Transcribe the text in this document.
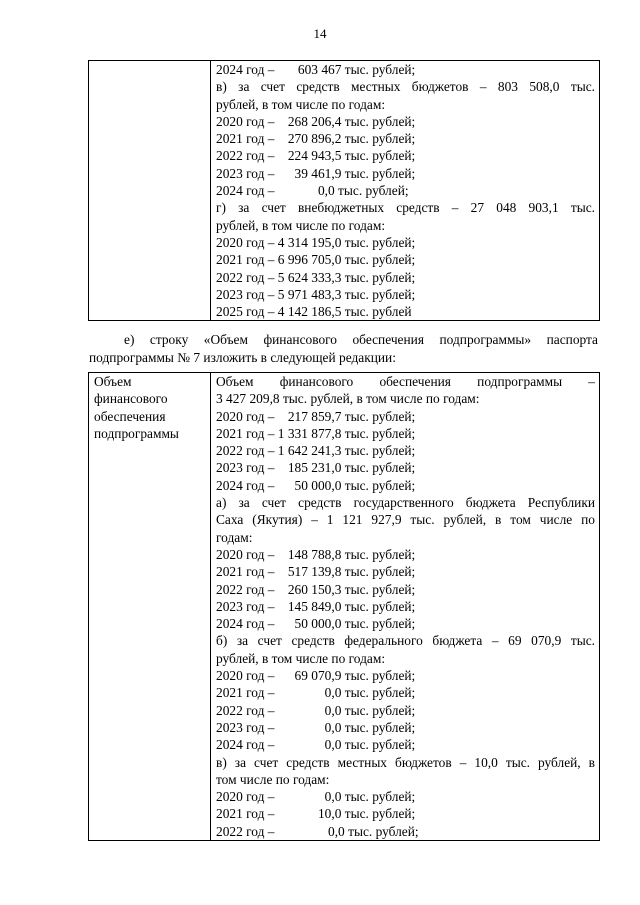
14

2024 год –       603 467 тыс. рублей;
в) за счет средств местных бюджетов – 803 508,0 тыс.
рублей, в том числе по годам:
2020 год –    268 206,4 тыс. рублей;
2021 год –    270 896,2 тыс. рублей;
2022 год –    224 943,5 тыс. рублей;
2023 год –      39 461,9 тыс. рублей;
2024 год –             0,0 тыс. рублей;
г) за счет внебюджетных средств – 27 048 903,1 тыс.
рублей, в том числе по годам:
2020 год – 4 314 195,0 тыс. рублей;
2021 год – 6 996 705,0 тыс. рублей;
2022 год – 5 624 333,3 тыс. рублей;
2023 год – 5 971 483,3 тыс. рублей;
2025 год – 4 142 186,5 тыс. рублей
е) строку «Объем финансового обеспечения подпрограммы» паспорта
подпрограммы № 7 изложить в следующей редакции:
Объем
финансового
обеспечения
подпрограммы

Объем финансового обеспечения подпрограммы –
3 427 209,8 тыс. рублей, в том числе по годам:
2020 год –    217 859,7 тыс. рублей;
2021 год – 1 331 877,8 тыс. рублей;
2022 год – 1 642 241,3 тыс. рублей;
2023 год –    185 231,0 тыс. рублей;
2024 год –      50 000,0 тыс. рублей;
а) за счет средств государственного бюджета Республики
Саха (Якутия) – 1 121 927,9 тыс. рублей, в том числе по
годам:
2020 год –    148 788,8 тыс. рублей;
2021 год –    517 139,8 тыс. рублей;
2022 год –    260 150,3 тыс. рублей;
2023 год –    145 849,0 тыс. рублей;
2024 год –      50 000,0 тыс. рублей;
б) за счет средств федерального бюджета – 69 070,9 тыс.
рублей, в том числе по годам:
2020 год –      69 070,9 тыс. рублей;
2021 год –               0,0 тыс. рублей;
2022 год –               0,0 тыс. рублей;
2023 год –               0,0 тыс. рублей;
2024 год –               0,0 тыс. рублей;
в) за счет средств местных бюджетов – 10,0 тыс. рублей, в
том числе по годам:
2020 год –               0,0 тыс. рублей;
2021 год –             10,0 тыс. рублей;
2022 год –                0,0 тыс. рублей;
